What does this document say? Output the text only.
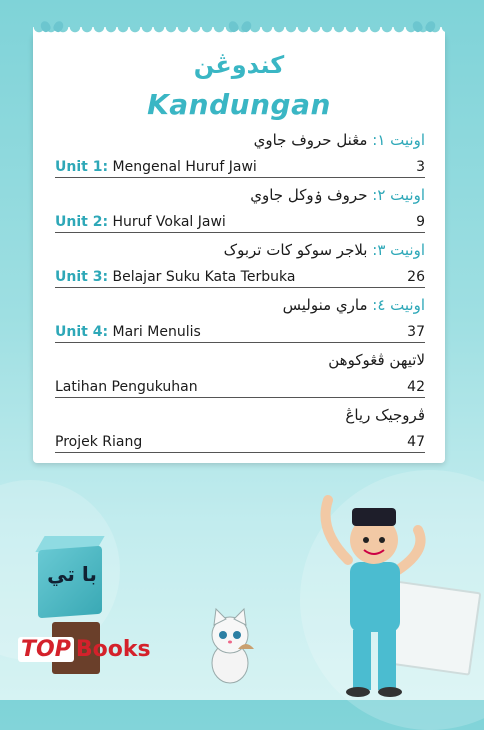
کندوڠن
Kandungan
اونيت ١: مڠنل حروف جاوي
Unit 1: Mengenal Huruf Jawi	3
اونيت ٢: حروف ۏوکل جاوي
Unit 2: Huruf Vokal Jawi	9
اونيت ٣: بلاجر سوکو کات تربوک
Unit 3: Belajar Suku Kata Terbuka	26
اونيت ٤: ماري منوليس
Unit 4: Mari Menulis	37
لاتيهن ڤڠوکوهن
Latihan Pengukuhan	42
ڤروجيک رياڠ
Projek Riang	47
با تي
TOP Books
